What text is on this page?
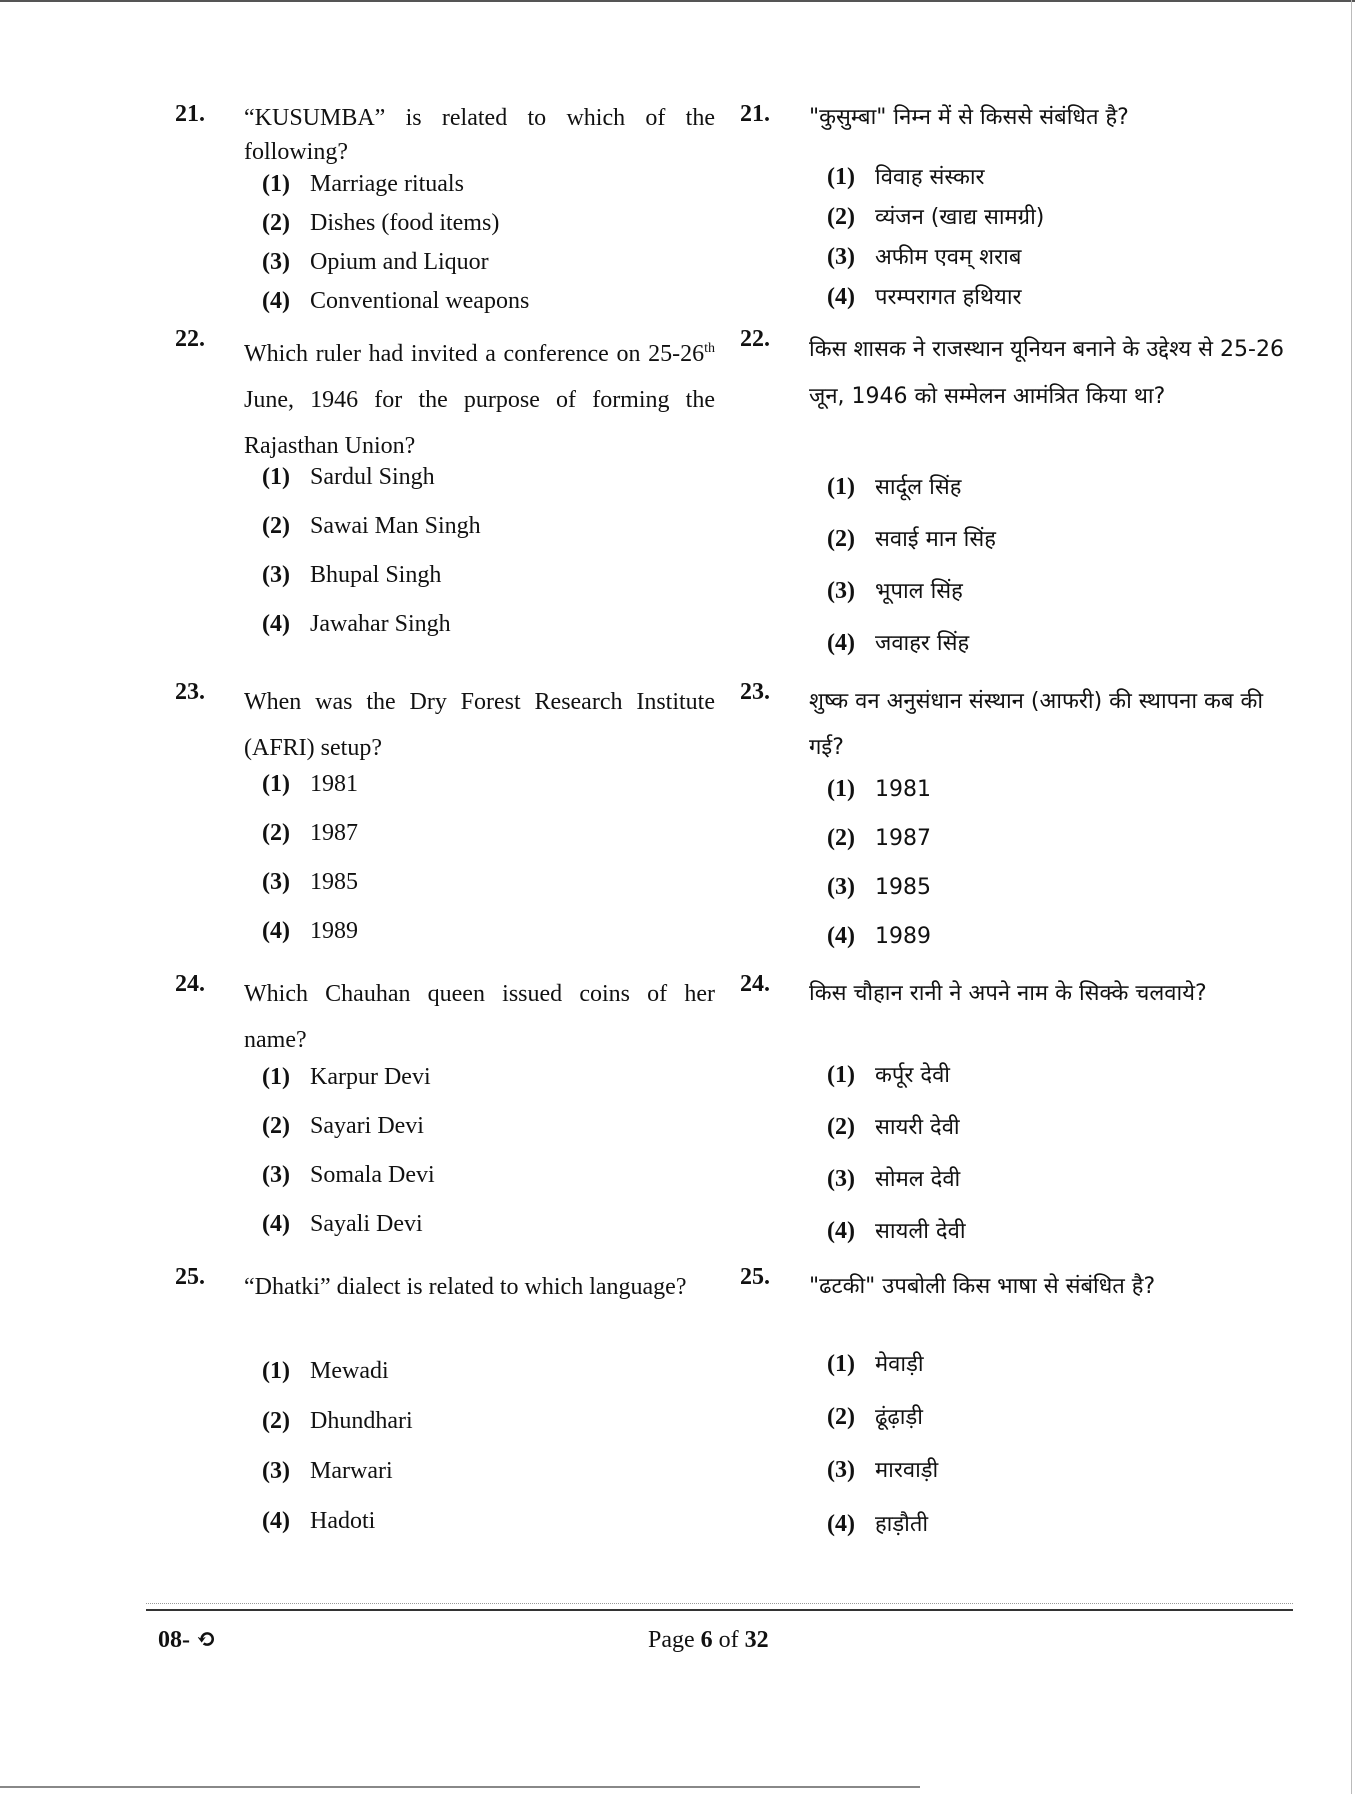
21.	“KUSUMBA” is related to which of the following?
(1) Marriage rituals
(2) Dishes (food items)
(3) Opium and Liquor
(4) Conventional weapons
22.
Which ruler had invited a conference on 25-26th June, 1946 for the purpose of forming the Rajasthan Union?
(1) Sardul Singh
(2) Sawai Man Singh
(3) Bhupal Singh
(4) Jawahar Singh
23.	When was the Dry Forest Research Institute (AFRI) setup?
(1) 1981
(2) 1987
(3) 1985
(4) 1989
24.	Which Chauhan queen issued coins of her name?
(1) Karpur Devi
(2) Sayari Devi
(3) Somala Devi
(4) Sayali Devi
25.	“Dhatki” dialect is related to which language?
(1) Mewadi
(2) Dhundhari
(3) Marwari
(4) Hadoti
21.	"कुसुम्बा" निम्न में से किससे संबंधित है?
(1) विवाह संस्कार
(2) व्यंजन (खाद्य सामग्री)
(3) अफीम एवम् शराब
(4) परम्परागत हथियार
22.	किस शासक ने राजस्थान यूनियन बनाने के उद्देश्य से 25-26 जून, 1946 को सम्मेलन आमंत्रित किया था?
(1) सार्दूल सिंह
(2) सवाई मान सिंह
(3) भूपाल सिंह
(4) जवाहर सिंह
23.	शुष्क वन अनुसंधान संस्थान (आफरी) की स्थापना कब की गई?
(1) 1981
(2) 1987
(3) 1985
(4) 1989
24.	किस चौहान रानी ने अपने नाम के सिक्के चलवाये?
(1) कर्पूर देवी
(2) सायरी देवी
(3) सोमल देवी
(4) सायली देवी
25.	"ढटकी" उपबोली किस भाषा से संबंधित है?
(1) मेवाड़ी
(2) ढूंढ़ाड़ी
(3) मारवाड़ी
(4) हाड़ौती
08- ⟲	Page 6 of 32
